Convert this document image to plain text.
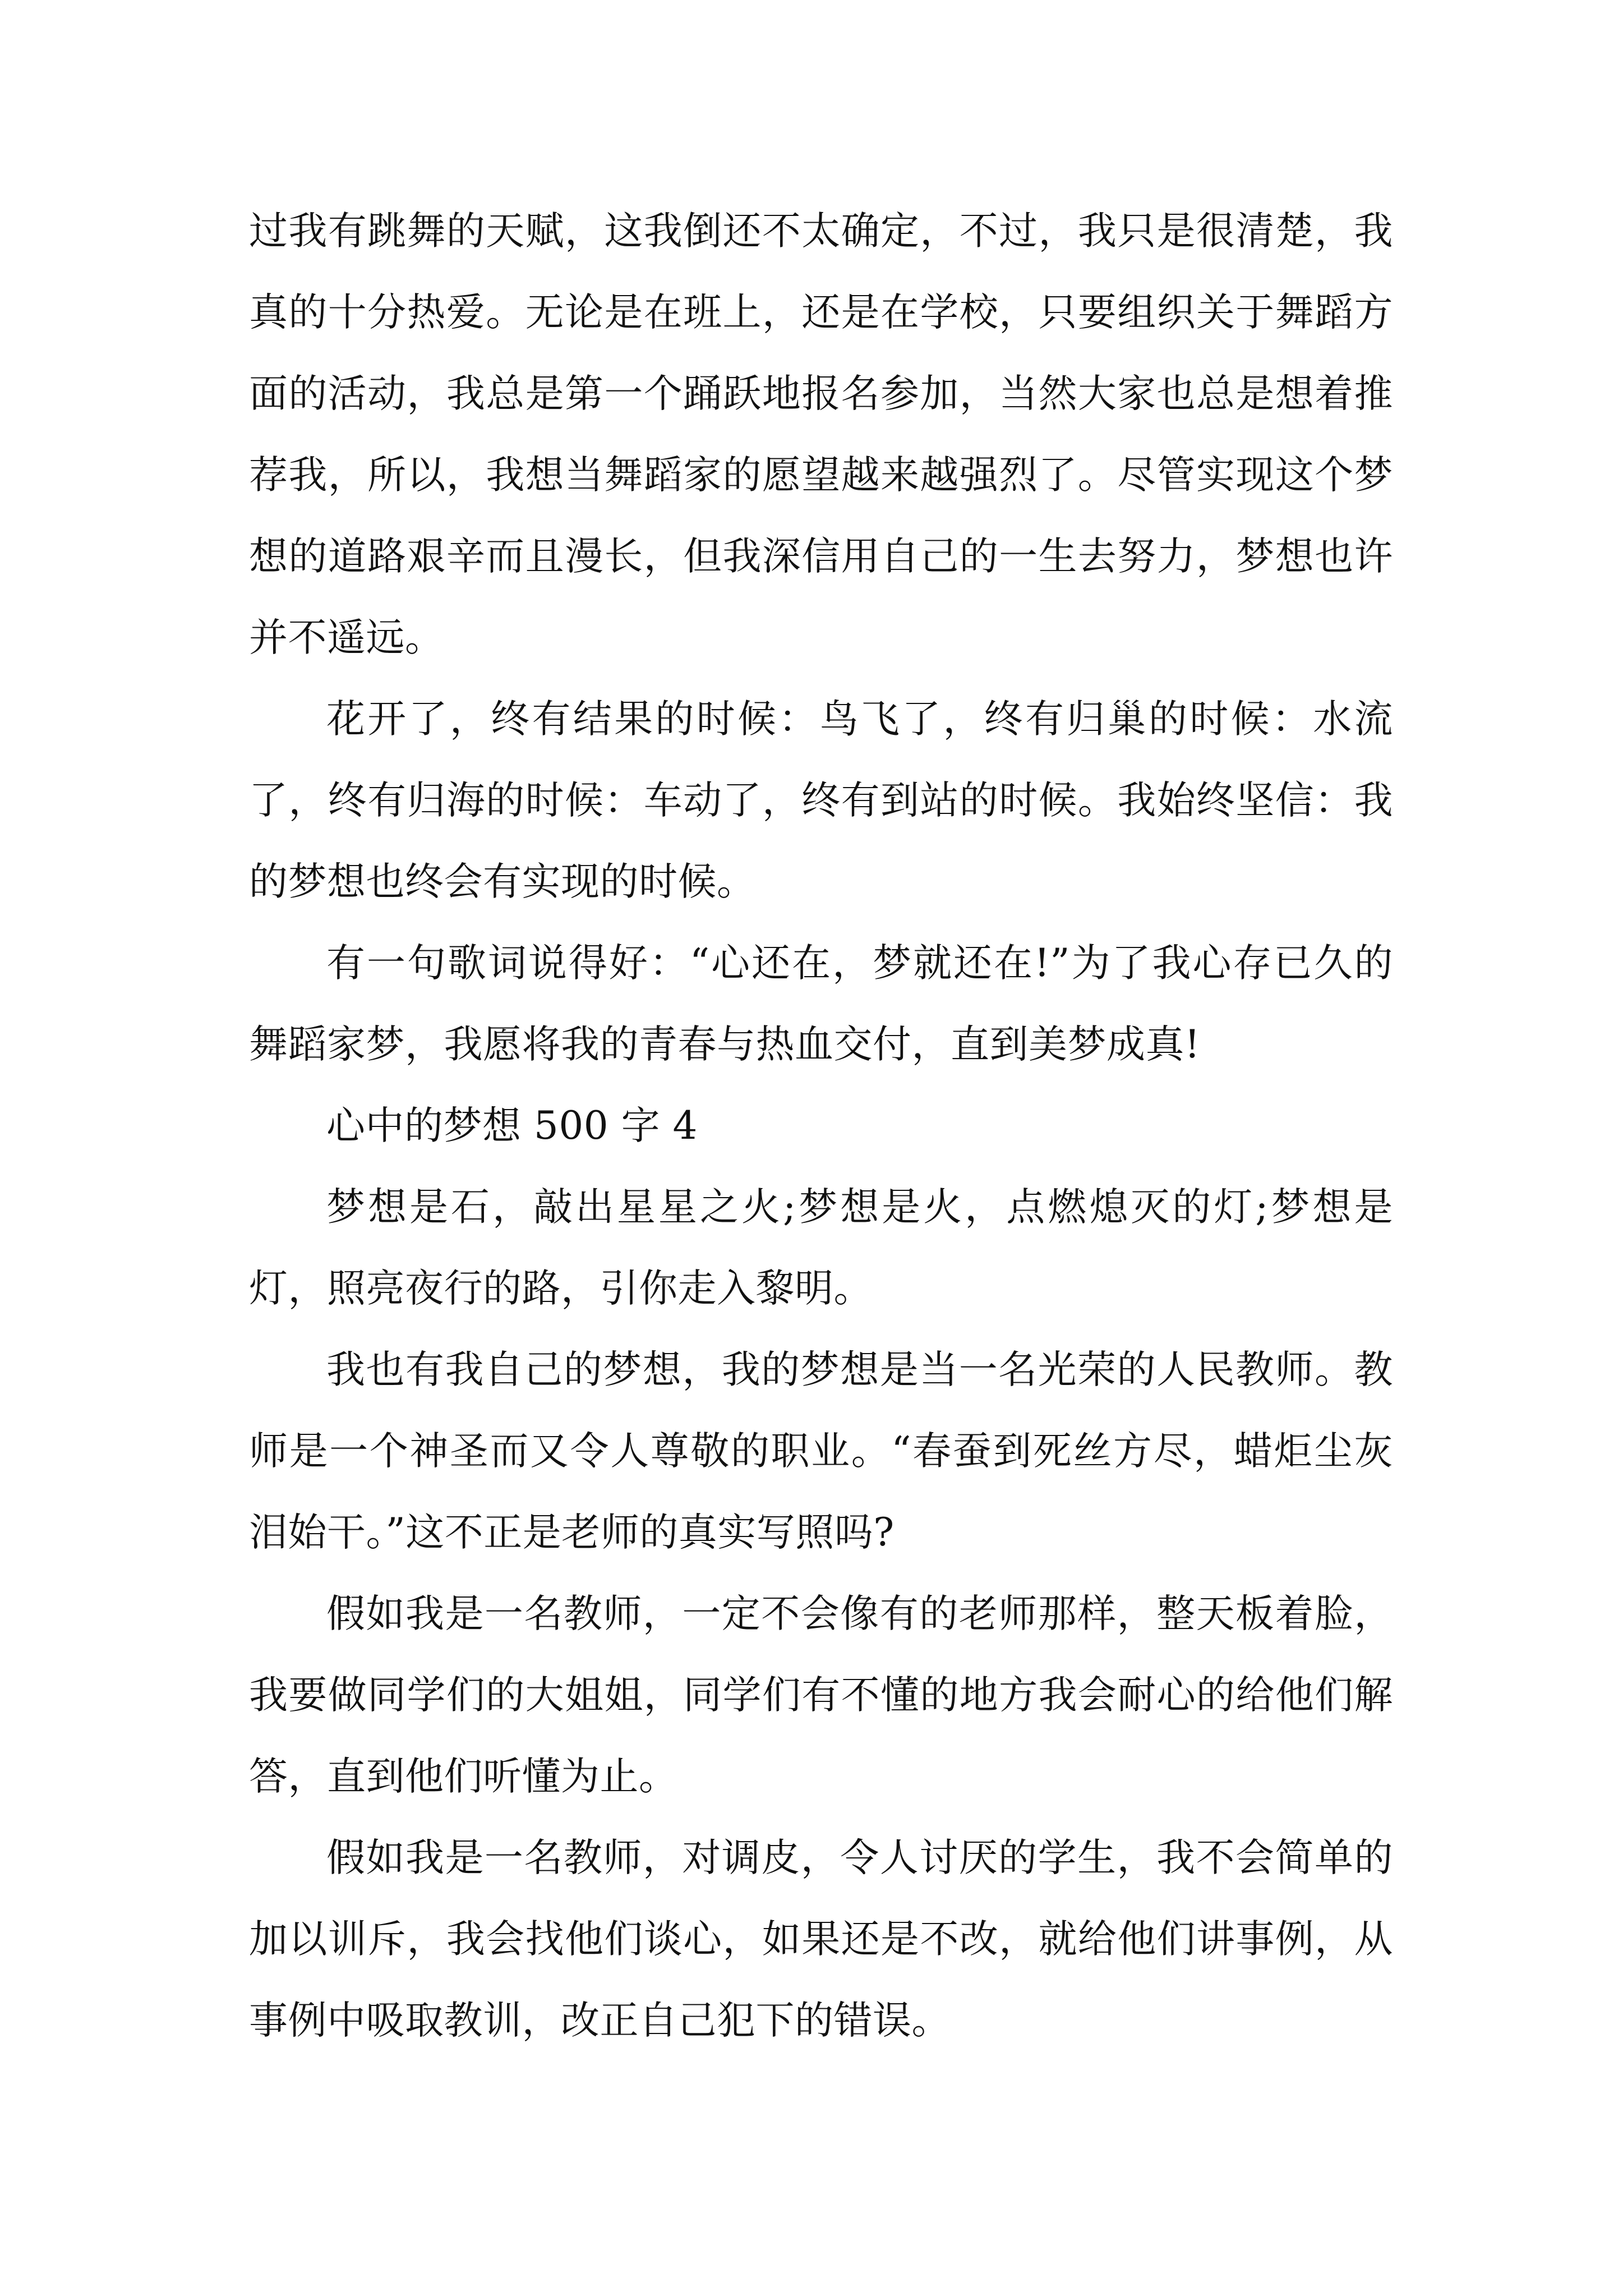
过我有跳舞的天赋，这我倒还不太确定，不过，我只是很清楚，我真的十分热爱。无论是在班上，还是在学校，只要组织关于舞蹈方面的活动，我总是第一个踊跃地报名参加，当然大家也总是想着推荐我，所以，我想当舞蹈家的愿望越来越强烈了。尽管实现这个梦想的道路艰辛而且漫长，但我深信用自己的一生去努力，梦想也许并不遥远。

花开了，终有结果的时候：鸟飞了，终有归巢的时候：水流了，终有归海的时候：车动了，终有到站的时候。我始终坚信：我的梦想也终会有实现的时候。

有一句歌词说得好：“心还在，梦就还在!”为了我心存已久的舞蹈家梦，我愿将我的青春与热血交付，直到美梦成真!

心中的梦想 500 字 4

梦想是石，敲出星星之火;梦想是火，点燃熄灭的灯;梦想是灯，照亮夜行的路，引你走入黎明。

我也有我自己的梦想，我的梦想是当一名光荣的人民教师。教师是一个神圣而又令人尊敬的职业。“春蚕到死丝方尽，蜡炬尘灰泪始干。”这不正是老师的真实写照吗?

假如我是一名教师，一定不会像有的老师那样，整天板着脸，我要做同学们的大姐姐，同学们有不懂的地方我会耐心的给他们解答，直到他们听懂为止。

假如我是一名教师，对调皮，令人讨厌的学生，我不会简单的加以训斥，我会找他们谈心，如果还是不改，就给他们讲事例，从事例中吸取教训，改正自己犯下的错误。
